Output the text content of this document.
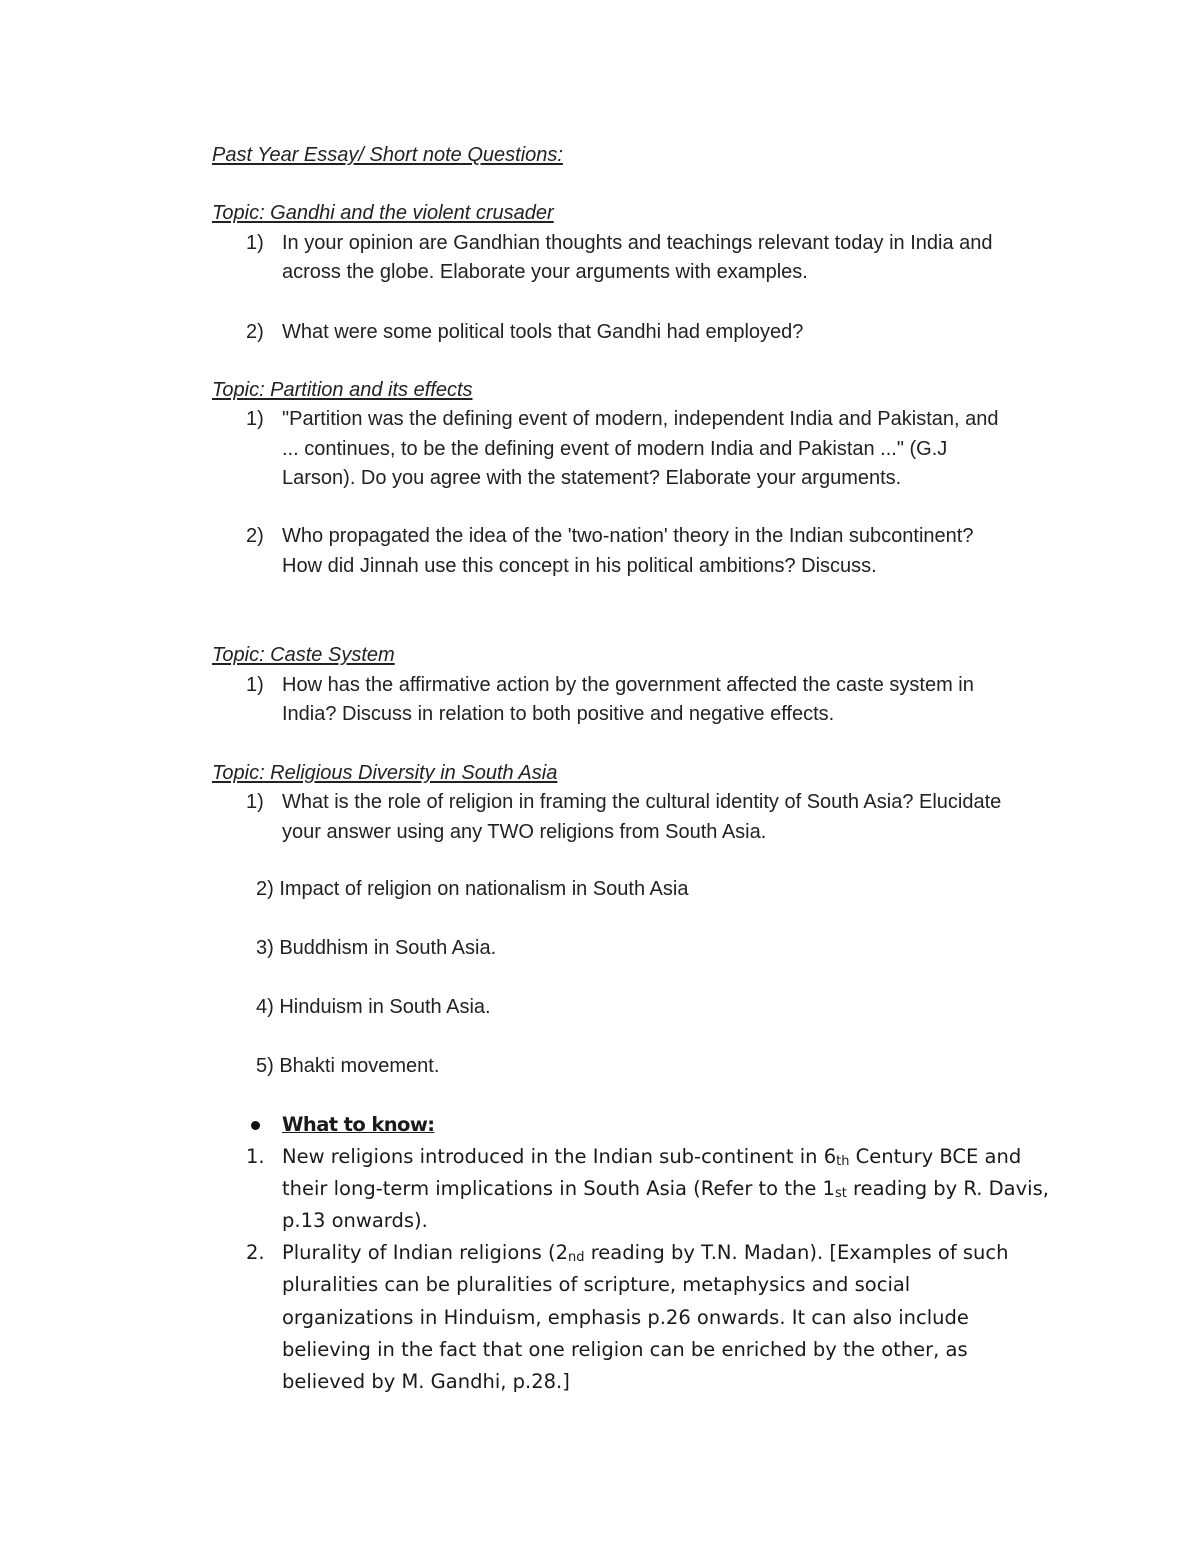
Past Year Essay/ Short note Questions:
Topic: Gandhi and the violent crusader
1) In your opinion are Gandhian thoughts and teachings relevant today in India and
across the globe. Elaborate your arguments with examples.
2) What were some political tools that Gandhi had employed?
Topic: Partition and its effects
1) "Partition was the defining event of modern, independent India and Pakistan, and
... continues, to be the defining event of modern India and Pakistan ..." (G.J
Larson). Do you agree with the statement? Elaborate your arguments.
2) Who propagated the idea of the 'two-nation' theory in the Indian subcontinent?
How did Jinnah use this concept in his political ambitions? Discuss.
Topic: Caste System
1) How has the affirmative action by the government affected the caste system in
India? Discuss in relation to both positive and negative effects.
Topic: Religious Diversity in South Asia
1) What is the role of religion in framing the cultural identity of South Asia? Elucidate
your answer using any TWO religions from South Asia.
2) Impact of religion on nationalism in South Asia
3) Buddhism in South Asia.
4) Hinduism in South Asia.
5) Bhakti movement.
What to know:
1. New religions introduced in the Indian sub-continent in $6_{th}$ Century BCE and
their long-term implications in South Asia (Refer to the $1_{st}$ reading by R. Davis,
p.13 onwards).
2. Plurality of Indian religions ($2_{nd}$ reading by T.N. Madan). [Examples of such
pluralities can be pluralities of scripture, metaphysics and social
organizations in Hinduism, emphasis p.26 onwards. It can also include
believing in the fact that one religion can be enriched by the other, as
believed by M. Gandhi, p.28.]
